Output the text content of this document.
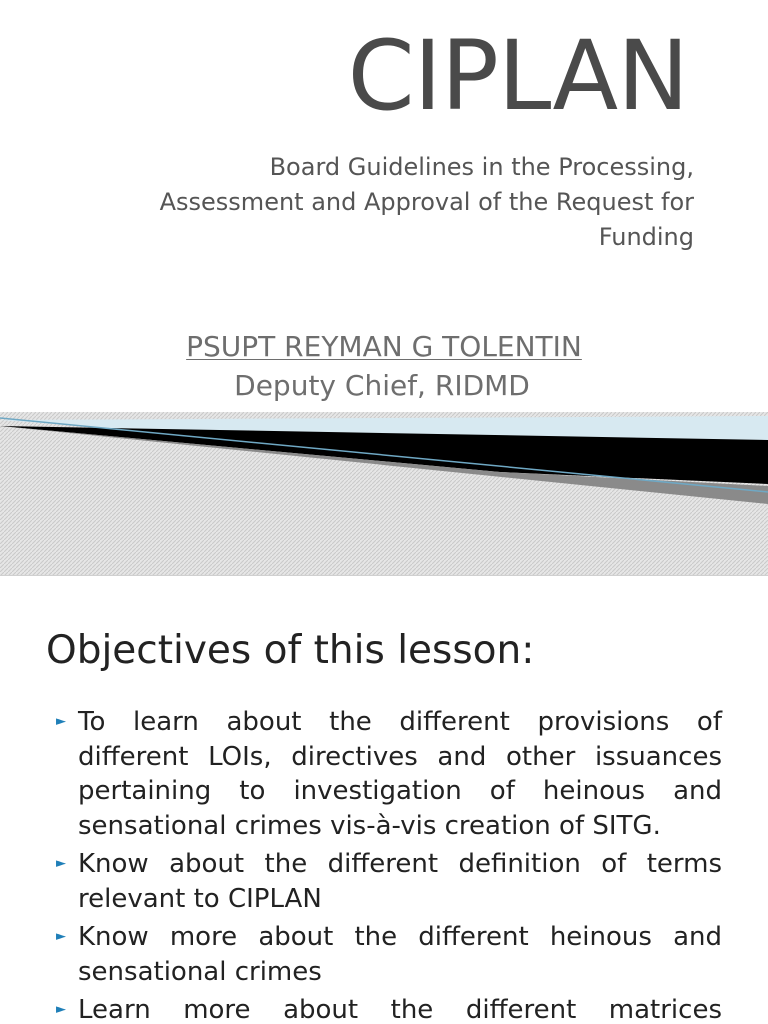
CIPLAN
Board Guidelines in the Processing,
Assessment and Approval of the Request for
Funding
PSUPT REYMAN G TOLENTIN
Deputy Chief, RIDMD
Objectives of this lesson:
► To learn about the different provisions of
different LOIs, directives and other issuances
pertaining to investigation of heinous and
sensational crimes vis-à-vis creation of SITG.
► Know about the different definition of terms
relevant to CIPLAN
► Know more about the different heinous and
sensational crimes
► Learn more about the different matrices
